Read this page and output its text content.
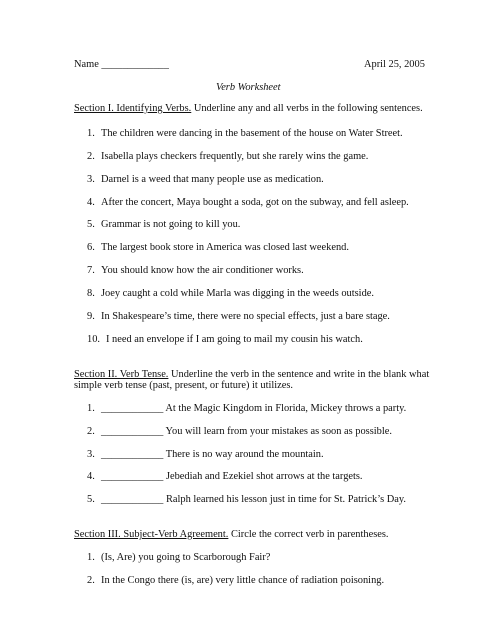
Name _____________	April 25, 2005
Verb Worksheet
Section I. Identifying Verbs. Underline any and all verbs in the following sentences.
1. The children were dancing in the basement of the house on Water Street.
2. Isabella plays checkers frequently, but she rarely wins the game.
3. Darnel is a weed that many people use as medication.
4. After the concert, Maya bought a soda, got on the subway, and fell asleep.
5. Grammar is not going to kill you.
6. The largest book store in America was closed last weekend.
7. You should know how the air conditioner works.
8. Joey caught a cold while Marla was digging in the weeds outside.
9. In Shakespeare’s time, there were no special effects, just a bare stage.
10. I need an envelope if I am going to mail my cousin his watch.
Section II. Verb Tense. Underline the verb in the sentence and write in the blank what
simple verb tense (past, present, or future) it utilizes.
1. ____________ At the Magic Kingdom in Florida, Mickey throws a party.
2. ____________ You will learn from your mistakes as soon as possible.
3. ____________ There is no way around the mountain.
4. ____________ Jebediah and Ezekiel shot arrows at the targets.
5. ____________ Ralph learned his lesson just in time for St. Patrick’s Day.
Section III. Subject-Verb Agreement. Circle the correct verb in parentheses.
1. (Is, Are) you going to Scarborough Fair?
2. In the Congo there (is, are) very little chance of radiation poisoning.
